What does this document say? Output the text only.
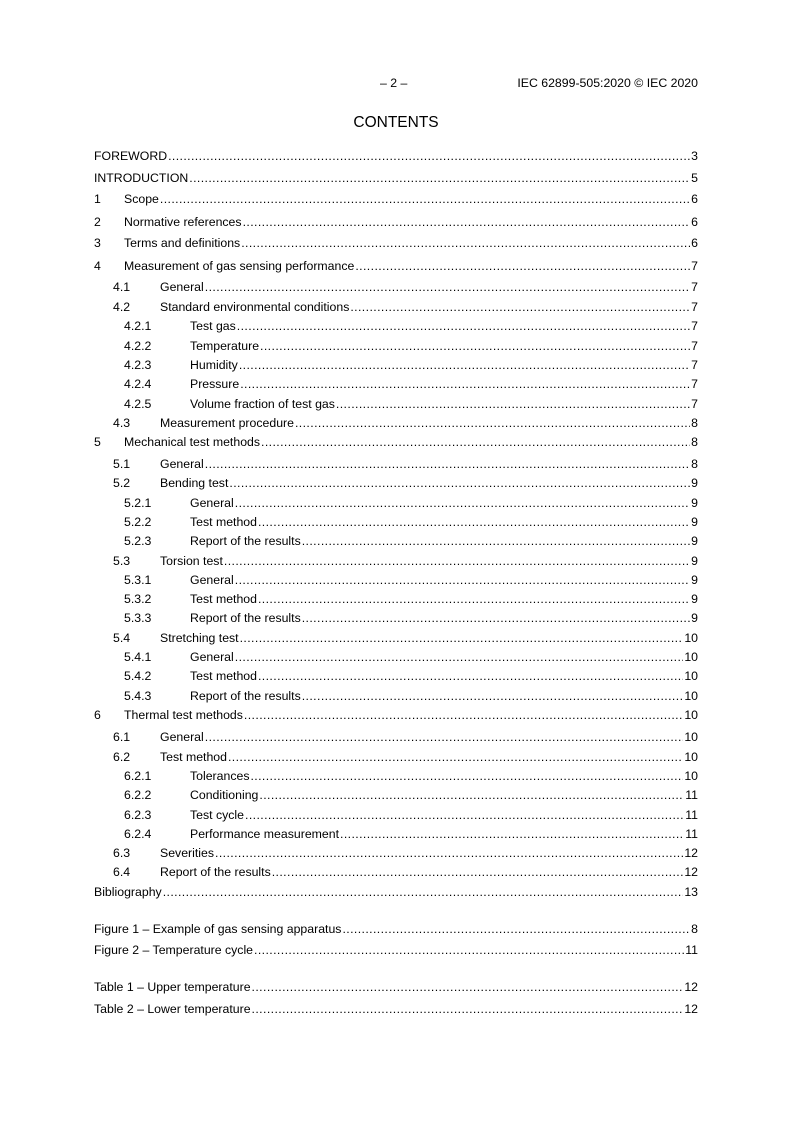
– 2 –	IEC 62899-505:2020 © IEC 2020
CONTENTS
FOREWORD .....	3
INTRODUCTION .....	5
1	Scope .....	6
2	Normative references .....	6
3	Terms and definitions .....	6
4	Measurement of gas sensing performance .....	7
4.1	General .....	7
4.2	Standard environmental conditions .....	7
4.2.1	Test gas .....	7
4.2.2	Temperature .....	7
4.2.3	Humidity .....	7
4.2.4	Pressure .....	7
4.2.5	Volume fraction of test gas .....	7
4.3	Measurement procedure .....	8
5	Mechanical test methods .....	8
5.1	General .....	8
5.2	Bending test .....	9
5.2.1	General .....	9
5.2.2	Test method .....	9
5.2.3	Report of the results .....	9
5.3	Torsion test .....	9
5.3.1	General .....	9
5.3.2	Test method .....	9
5.3.3	Report of the results .....	9
5.4	Stretching test .....	10
5.4.1	General .....	10
5.4.2	Test method .....	10
5.4.3	Report of the results .....	10
6	Thermal test methods .....	10
6.1	General .....	10
6.2	Test method .....	10
6.2.1	Tolerances .....	10
6.2.2	Conditioning .....	11
6.2.3	Test cycle .....	11
6.2.4	Performance measurement .....	11
6.3	Severities .....	12
6.4	Report of the results .....	12
Bibliography .....	13
Figure 1 – Example of gas sensing apparatus .....	8
Figure 2 – Temperature cycle .....	11
Table 1 – Upper temperature .....	12
Table 2 – Lower temperature .....	12
